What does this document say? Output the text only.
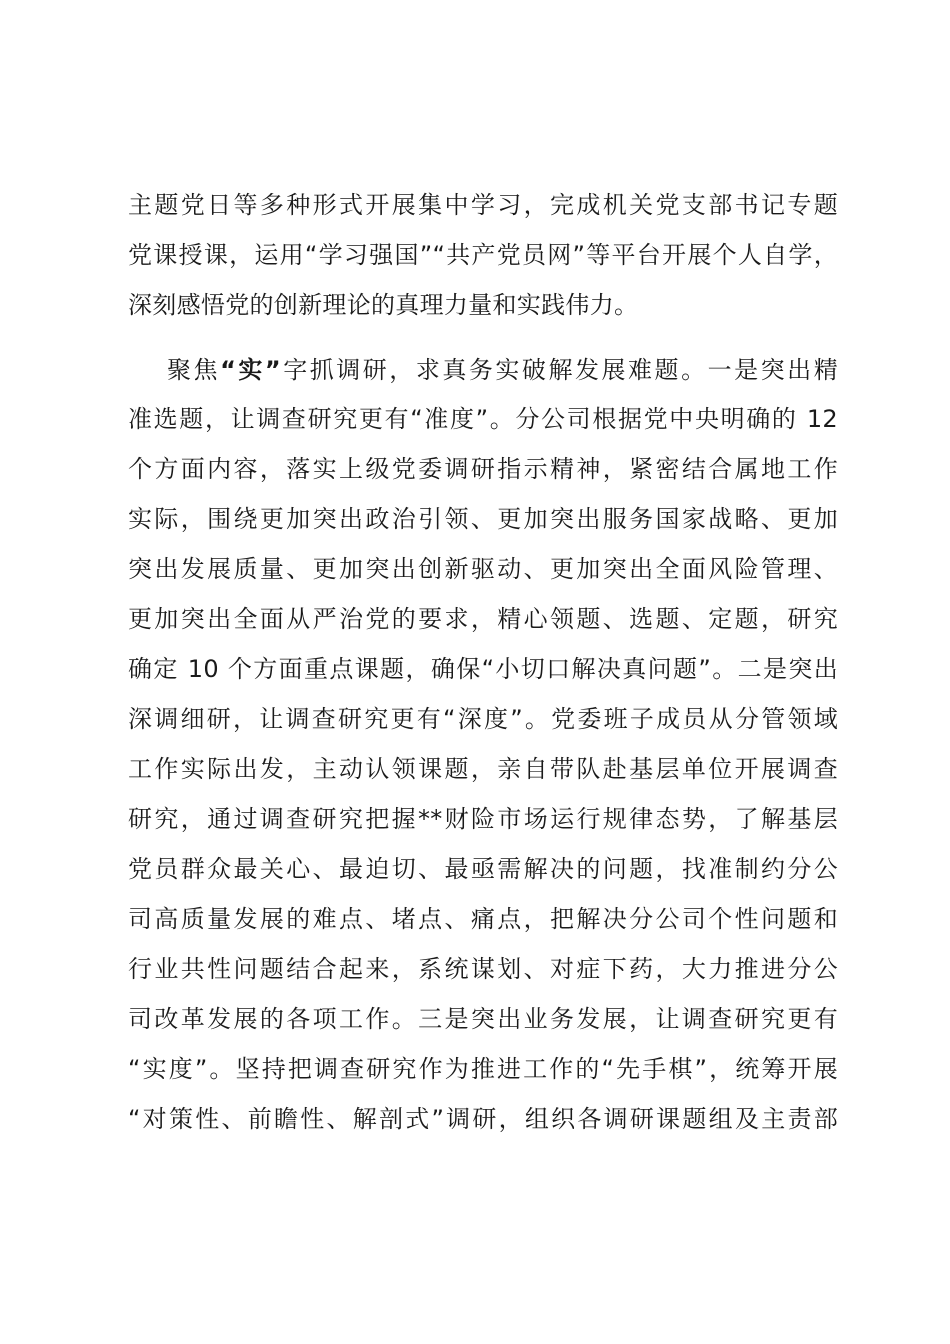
主题党日等多种形式开展集中学习，完成机关党支部书记专题
党课授课，运用“学习强国”“共产党员网”等平台开展个人自学，
深刻感悟党的创新理论的真理力量和实践伟力。
聚焦“实”字抓调研，求真务实破解发展难题。一是突出精
准选题，让调查研究更有“准度”。分公司根据党中央明确的 12
个方面内容，落实上级党委调研指示精神，紧密结合属地工作
实际，围绕更加突出政治引领、更加突出服务国家战略、更加
突出发展质量、更加突出创新驱动、更加突出全面风险管理、
更加突出全面从严治党的要求，精心领题、选题、定题，研究
确定 10 个方面重点课题，确保“小切口解决真问题”。二是突出
深调细研，让调查研究更有“深度”。党委班子成员从分管领域
工作实际出发，主动认领课题，亲自带队赴基层单位开展调查
研究，通过调查研究把握**财险市场运行规律态势，了解基层
党员群众最关心、最迫切、最亟需解决的问题，找准制约分公
司高质量发展的难点、堵点、痛点，把解决分公司个性问题和
行业共性问题结合起来，系统谋划、对症下药，大力推进分公
司改革发展的各项工作。三是突出业务发展，让调查研究更有
“实度”。坚持把调查研究作为推进工作的“先手棋”，统筹开展
“对策性、前瞻性、解剖式”调研，组织各调研课题组及主责部
